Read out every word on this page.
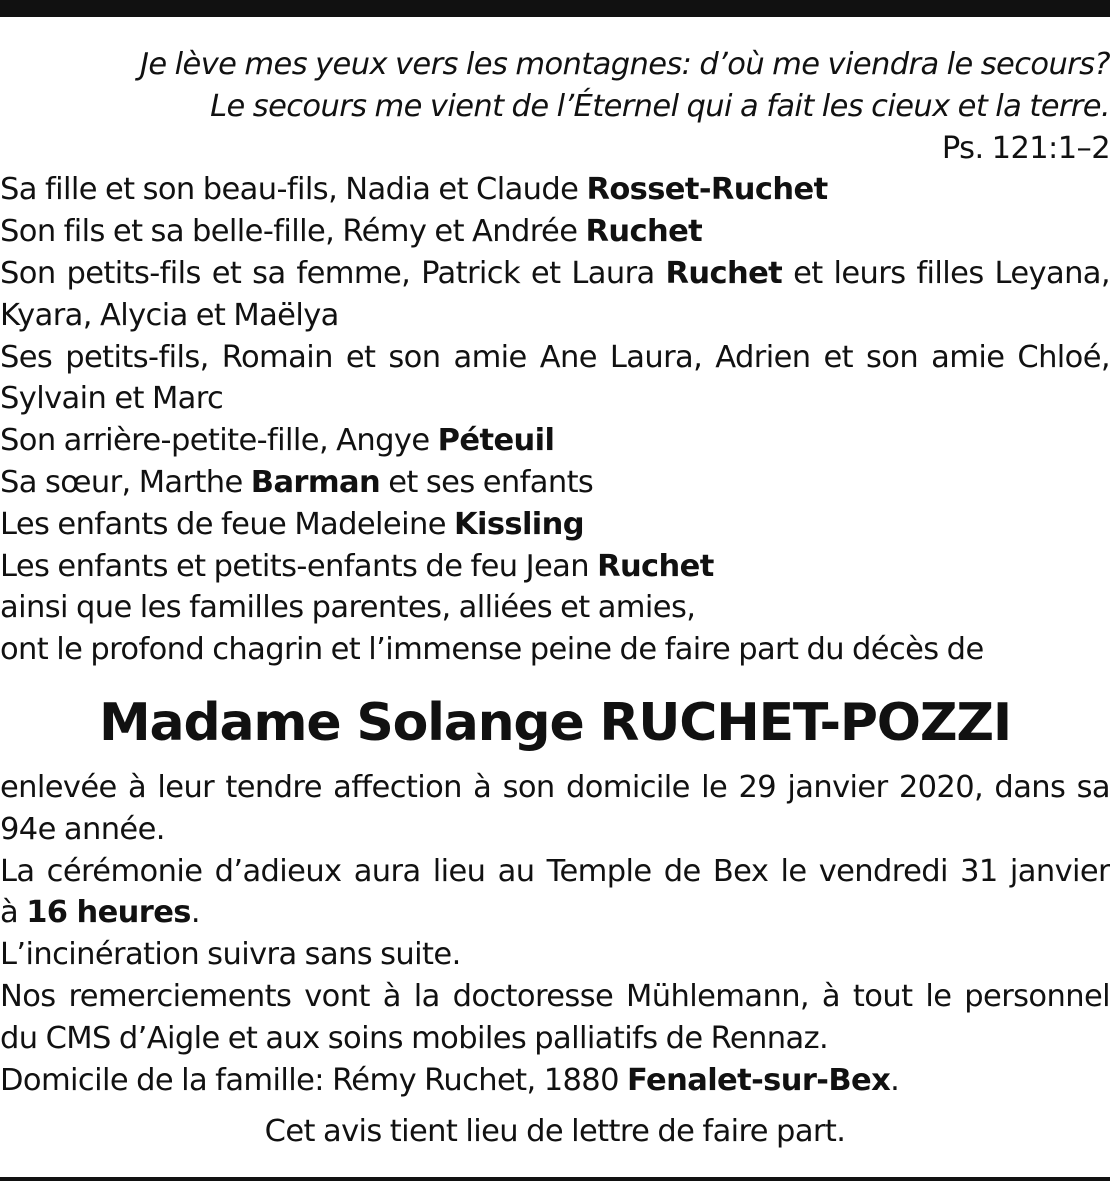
Je lève mes yeux vers les montagnes: d’où me viendra le secours?
Le secours me vient de l’Éternel qui a fait les cieux et la terre.
Ps. 121:1–2
Sa fille et son beau-fils, Nadia et Claude Rosset-Ruchet
Son fils et sa belle-fille, Rémy et Andrée Ruchet
Son petits-fils et sa femme, Patrick et Laura Ruchet et leurs filles Leyana,
Kyara, Alycia et Maëlya
Ses petits-fils, Romain et son amie Ane Laura, Adrien et son amie Chloé,
Sylvain et Marc
Son arrière-petite-fille, Angye Péteuil
Sa sœur, Marthe Barman et ses enfants
Les enfants de feue Madeleine Kissling
Les enfants et petits-enfants de feu Jean Ruchet
ainsi que les familles parentes, alliées et amies,
ont le profond chagrin et l’immense peine de faire part du décès de
Madame Solange RUCHET-POZZI
enlevée à leur tendre affection à son domicile le 29 janvier 2020, dans sa
94e année.
La cérémonie d’adieux aura lieu au Temple de Bex le vendredi 31 janvier
à 16 heures.
L’incinération suivra sans suite.
Nos remerciements vont à la doctoresse Mühlemann, à tout le personnel
du CMS d’Aigle et aux soins mobiles palliatifs de Rennaz.
Domicile de la famille: Rémy Ruchet, 1880 Fenalet-sur-Bex.
Cet avis tient lieu de lettre de faire part.
